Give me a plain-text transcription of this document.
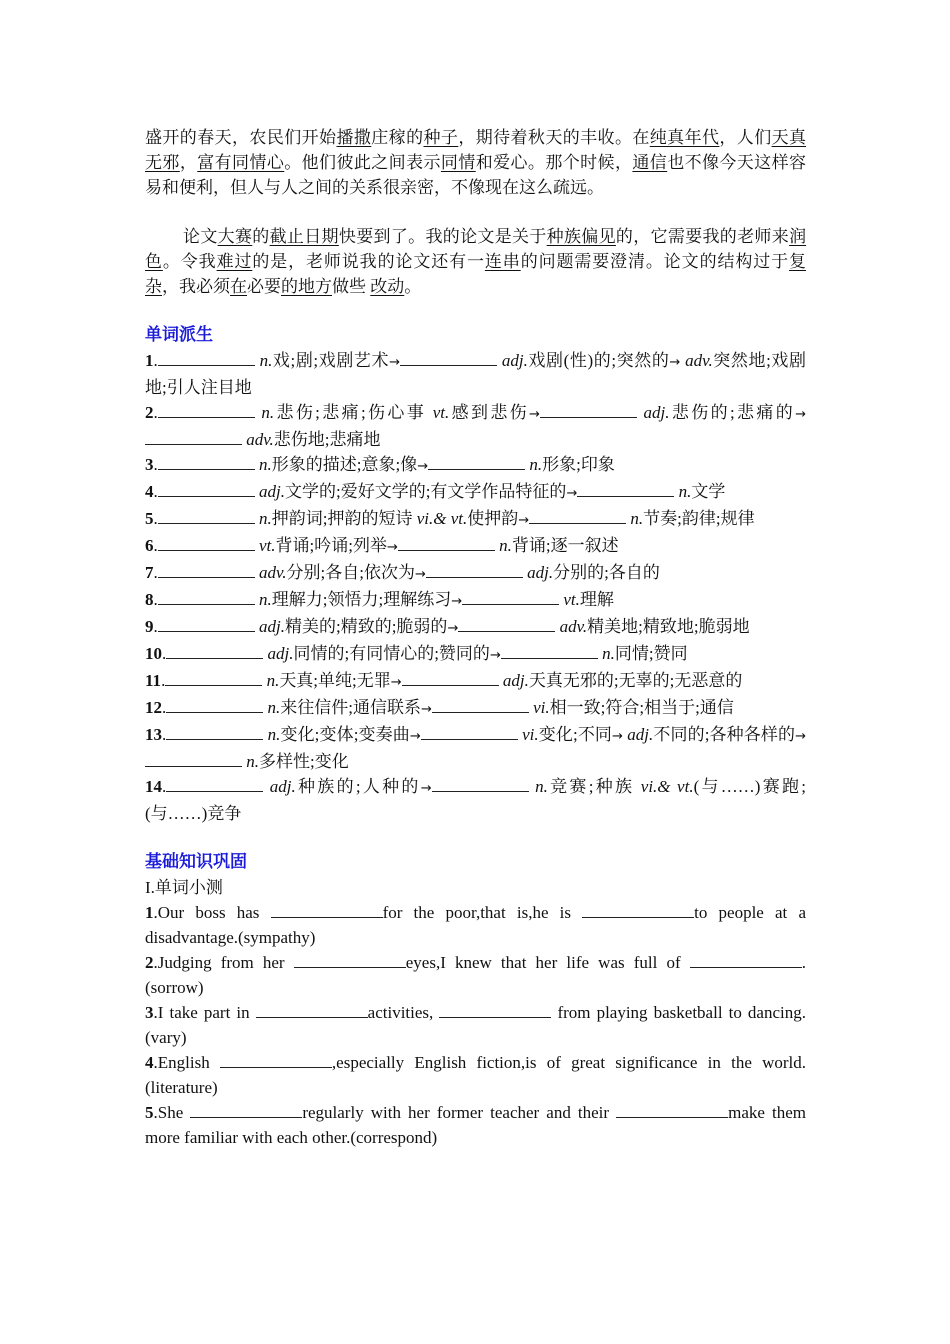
盛开的春天，农民们开始播撒庄稼的种子，期待着秋天的丰收。在纯真年代，人们天真无邪，富有同情心。他们彼此之间表示同情和爱心。那个时候，通信也不像今天这样容易和便利，但人与人之间的关系很亲密，不像现在这么疏远。

论文大赛的截止日期快要到了。我的论文是关于种族偏见的，它需要我的老师来润色。令我难过的是，老师说我的论文还有一连串的问题需要澄清。论文的结构过于复杂，我必须在必要的地方做些 改动。

单词派生

1.	n.戏;剧;戏剧艺术→	adj.戏剧(性)的;突然的→ adv.突然地;戏剧地;引人注目地

2.	n.悲伤;悲痛;伤心事 vt.感到悲伤→	adj.悲伤的;悲痛的→ adv.悲伤地;悲痛地

3.	n.形象的描述;意象;像→	n.形象;印象

4.	adj.文学的;爱好文学的;有文学作品特征的→	n.文学

5.	n.押韵词;押韵的短诗 vi.& vt.使押韵→	n.节奏;韵律;规律

6.	vt.背诵;吟诵;列举→	n.背诵;逐一叙述

7.	adv.分别;各自;依次为→	adj.分别的;各自的

8.	n.理解力;领悟力;理解练习→	vt.理解

9.	adj.精美的;精致的;脆弱的→	adv.精美地;精致地;脆弱地

10.	adj.同情的;有同情心的;赞同的→	n.同情;赞同

11.	n.天真;单纯;无罪→	adj.天真无邪的;无辜的;无恶意的

12.	n.来往信件;通信联系→	vi.相一致;符合;相当于;通信

13.	n.变化;变体;变奏曲→	vi.变化;不同→ adj.不同的;各种各样的→ n.多样性;变化

14.	adj.种族的;人种的→	n.竞赛;种族 vi.& vt.(与……)赛跑;(与……)竞争

基础知识巩固

I.单词小测

1.Our boss has	for the poor,that is,he is	to people at a disadvantage.(sympathy)

2.Judging from her	eyes,I knew that her life was full of	.(sorrow)

3.I take part in	activities,	from playing basketball to dancing.(vary)

4.English	,especially English fiction,is of great significance in the world.(literature)

5.She	regularly with her former teacher and their	make them more familiar with each other.(correspond)
